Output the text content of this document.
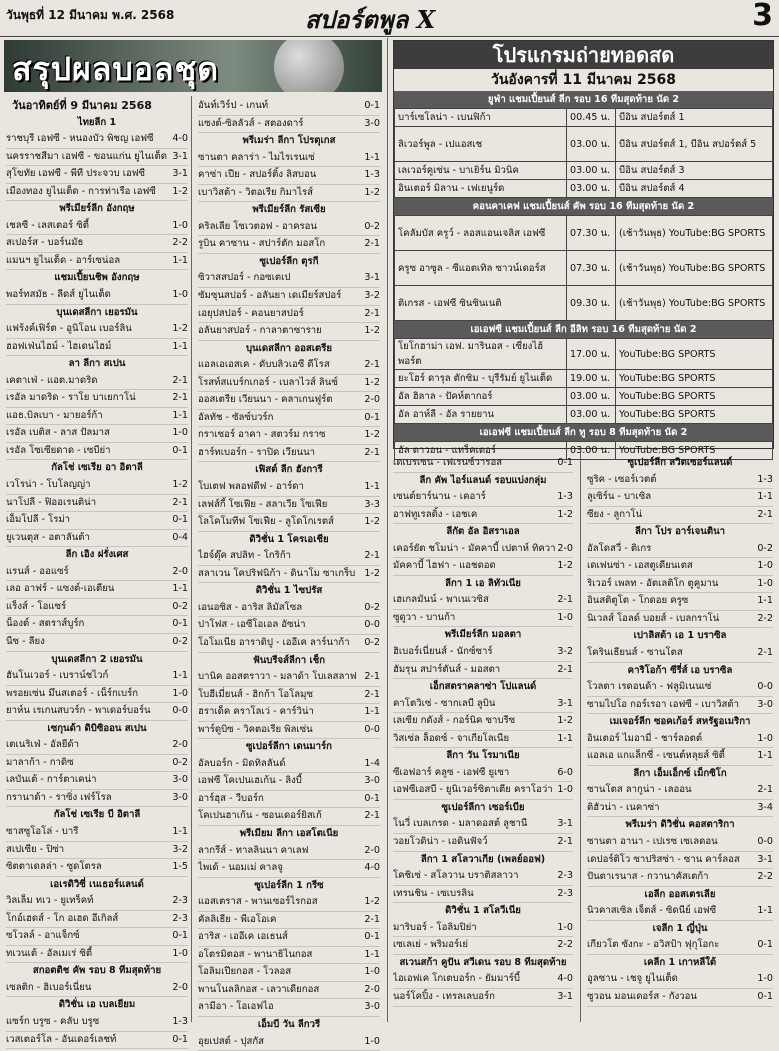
วันพุธที่ 12 มีนาคม พ.ศ. 2568	สปอร์ตพูล X	3
สรุปผลบอลชุด
วันอาทิตย์ที่ 9 มีนาคม 2568
ไทยลีก 1
ราชบุรี เอฟซี - หนองบัว พิชญ เอฟซี 4-0
นครราชสีมา เอฟซี - ขอนแก่น ยูไนเต็ด 3-1
สุโขทัย เอฟซี - พีที ประจวบ เอฟซี	3-1
เมืองทอง ยูไนเต็ด - การท่าเรือ เอฟซี 1-2
พรีเมียร์ลีก อังกฤษ
เชลซี - เลสเตอร์ ซิตี้	1-0
สเปอร์ส - บอร์นมัธ	2-2
แมนฯ ยูไนเต็ด - อาร์เซน่อล	1-1
แชมเปี้ยนชิพ อังกฤษ
พอร์ทสมัธ - ลีดส์ ยูไนเต็ด	1-0
บุนเดสลีกา เยอรมัน
แฟร้งค์เฟิร์ต - อูนิโอน เบอร์ลิน	1-2
ฮอฟเฟ่นไฮม์ - ไฮเดนไฮม์	1-1
ลา ลีกา สเปน
เคตาเฟ่ - แอต.มาดริด	2-1
เรอัล มาดริด - ราโย บาเยกาโน่	2-1
แอธ.บิลเบา - มายอร์ก้า	1-1
เรอัล เบติส - ลาส ปัลมาส	1-0
เรอัล โซเซียดาด - เซบีย่า	0-1
กัลโช่ เซเรีย อา อิตาลี
เวโรน่า - โบโลญญ่า	1-2
นาโปลี - ฟิออเรนติน่า	2-1
เอ็มโปลี - โรม่า	0-1
ยูเวนตุส - อตาลันต้า	0-4
ลีก เอิง ฝรั่งเศส
แรนส์ - ออแซร์	2-0
เลอ อาฟร์ - แซงต์-เอเตียน	1-1
แร็งส์ - โอแซร์	0-2
น็องต์ - สตราส์บูร์ก	0-1
นีซ - ลียง	0-2
บุนเดสลีกา 2 เยอรมัน
ฮันโนเวอร์ - เบราน์ชไวก์	1-1
พรอยเซ่น มึนสเตอร์ - เน็ร์กเบร์ก	1-0
ยาห์น เรเกนสบวร์ก - พาเดอร์บอร์น 0-0
เซกุนด้า ดิบิซิออน สเปน
เตเนริเฟ่ - อัลยีด้า	2-0
มาลาก้า - กาดิซ	0-2
เลบันเต้ - การ์ตาเคน่า	3-0
กรานาด้า - ราซิ่ง เฟร์โรล	3-0
กัลโช่ เซเรีย บี อิตาลี
ซาสซูโอโล่ - บารี	1-1
สเปเซีย - ปิซ่า	3-2
ซิตตาเดลล่า - ซูดโตรล	1-5
เอเรดิวิซี่ เนเธอร์แลนด์
วิลเล็ม ทเว - ยูเทร็คท์	2-3
โกอ์เฮดส์ - โก อเฮด อีเกิลส์	2-3
ซโวลล์ - อาแจ็กซ์	0-1
ทเวนเต้ - อัลเมเร่ ซิตี้	1-0
สกอตติช คัพ รอบ 8 ทีมสุดท้าย
เซลติก - ฮิเบอร์เนี่ยน	2-0
ดิวิชั่น เอ เบลเยียม
แซร์ก บรูซ - คลับ บรูซ	1-3
เวสเตอร์โล - อันเดอร์เลชท์	0-1
อันท์เวิร์ป - เกนท์	0-1
แซงต์-ซิลลัวส์ - สตองดาร์	3-0
พรีเมร่า ลีกา โปรตุเกส
ซานตา คลาร่า - ไมไรเรนเซ่	1-1
คาซ่า เปีย - สปอร์ติ้ง ลิสบอน	1-3
เบาวิสต้า - วิตอเรีย กิมาไรส์	1-2
พรีเมียร์ลีก รัสเซีย
คริลเลีย โซเวตอฟ - อาครอน	0-2
รูบิน คาซาน - สปาร์ตัก มอสโก	2-1
ซูเปอร์ลีก ตุรกี
ซิวาสสปอร์ - กอซเตเป	3-1
ซัมซุนสปอร์ - อลันยา เดเมียร์สปอร์ 3-2
เอยุปสปอร์ - คอนยาสปอร์	2-1
อลันยาสปอร์ - กาลาตาซาราย	1-2
บุนเดสลีกา ออสเตรีย
แอลเอเอสเค - ดับบลิวเอซี ดีโรส	2-1
โรสท์สแบร์กเกอร์ - เบลาไวส์ ลินซ์	1-2
ออสเตรีย เวียนนา - คลาเกนฟูร์ต	2-0
อัลทัช - ซัลซ์บวร์ก	0-1
กราเซอร์ อาคา - สตวร์ม กราซ	1-2
ฮาร์ทเบอร์ก - ราปิด เวียนนา	2-1
เฟิสต์ ลีก ฮังการี
โบเตฟ พลอฟดีฟ - อาร์ดา	1-1
เลฟส์กี้ โซเฟีย - สลาเวีย โซเฟีย	3-3
โลโคโมทีฟ โซเฟีย - ลูโดโกเรตส์	1-2
ดิวิชั่น 1 โครเอเชีย
ไฮจ์ดุ๊ค สปลิท - โกริก้า	2-1
สลาเวน โคปริฟนิก้า - ดินาโม ซาเกร็บ 1-2
ดิวิชั่น 1 ไซปรัส
เอนอซิส - อาริส ลิมัสโซล	0-2
ปาโฟส - เอซีโอเอล อัซน่า	0-0
โอโมเนีย อาราดิปู - เออีเค ลาร์นาก้า 0-2
ฟันบรีจส์ลีกา เช็ก
บานิค ออสตราวา - มลาด้า โบเลสลาฟ 2-1
โบฮีเมี่ยนส์ - ฮิกก้า โอโลมุซ	2-1
ฮราเด็ค คราโลเว่ - คาร์วิน่า	1-1
พาร์ดูบิซ - วิคตอเรีย พิลเซ่น	0-0
ซูเปอร์ลีกา เดนมาร์ก
อัลบอร์ก - มิดทิลลันด์	1-4
เอฟซี โคเปนเฮเก้น - ลิงบี้	3-0
อาร์ฮุส - วีบอร์ก	0-1
โคเปนฮาเก้น - ซอนเดอร์ยิสเก้	2-1
พรีเมียม ลีกา เอสโตเนีย
ลากรีส์ - ทาลลินนา คาเลฟ	2-0
ไพเด้ - นอมเม่ คาลจู	4-0
ซูเปอร์ลีก 1 กรีซ
แอสเตราส - พานเซอร์ไรกอส	1-2
คัลลิเธีย - พีเอโอเค	2-1
อาริส - เออีเค เอเธนส์	0-1
อโตรมิตอส - พานาธิไนกอส	1-1
โอลิมเปียกอส - โวลอส	1-0
พานโนลลิกอส - เลวาเดียกอส	2-0
ลามีอา - โอเอฟไอ	3-0
เอ็มบี วัน ลีกวรี
อุยเปสต์ - ปุสกัส	1-0
โปรแกรมถ่ายทอดสด
วันอังคารที่ 11 มีนาคม 2568
ยูฟ่า แชมเปี้ยนส์ ลีก รอบ 16 ทีมสุดท้าย นัด 2
บาร์เซโลน่า - เบนฟิก้า	00.45 น.	บีอิน สปอร์ตส์ 1
ลิเวอร์พูล - เปแอสเช	03.00 น.	บีอิน สปอร์ตส์ 1, บีอิน สปอร์ตส์ 5
เลเวอร์คูเซ่น - บาเยิร์น มิวนิค	03.00 น.	บีอิน สปอร์ตส์ 3
อินเตอร์ มิลาน - เฟเยนูร์ด	03.00 น.	บีอิน สปอร์ตส์ 4
คอนคาเคฟ แชมเปี้ยนส์ คัพ รอบ 16 ทีมสุดท้าย นัด 2
โคลัมบัส ครูว์ - ลอสแอนเจลิส เอฟซี	07.30 น.	(เช้าวันพุธ) YouTube:BG SPORTS
ครูซ อาซูล - ซีแอตเทิล ซาวน์เดอร์ส	07.30 น.	(เช้าวันพุธ) YouTube:BG SPORTS
ติเกรส - เอฟซี ซินซินเนติ	09.30 น.	(เช้าวันพุธ) YouTube:BG SPORTS
เอเอฟซี แชมเปี้ยนส์ ลีก อีลิท รอบ 16 ทีมสุดท้าย นัด 2
โยโกฮาม่า เอฟ. มารินอส - เซี่ยงไฮ้ พอร์ต	17.00 น.	YouTube:BG SPORTS
ยะโฮร์ ดารุล ตักซิม - บุรีรัมย์ ยูไนเต็ด	19.00 น.	YouTube:BG SPORTS
อัล ฮิลาล - ปัคห์ตากอร์	03.00 น.	YouTube:BG SPORTS
อัล อาห์ลี - อัล รายยาน	03.00 น.	YouTube:BG SPORTS
เอเอฟซี แชมเปี้ยนส์ ลีก ทู รอบ 8 ทีมสุดท้าย นัด 2
อัล ตาวอน - แทร็คเตอร์	03.00 น.	YouTube:BG SPORTS
เดเบรเซน - เฟเรนซ์วารอส	0-1
ลีก คัพ ไอร์แลนด์ รอบแบ่งกลุ่ม
เซนต์ยาร์นาน - เคอาร์	1-3
อาฟทูเรลดิ้ง - เอชเค	1-2
ลีกัต อัล อิสราเอล
เคอร์ยัต ชโมน่า - มัคคาบี้ เปตาห์ ทิควา 2-0
มัคคาบี้ ไฮฟา - แอชดอด	1-2
ลีกา 1 เอ ลิทัวเนีย
เฮเกลมันน์ - พาเนเวซิส	2-1
ซูดูวา - บานก้า	1-0
พรีเมียร์ลีก มอลตา
ฮิเบอร์เนี่ยนส์ - นักซ์ซาร์	3-2
ฮัมรุน สปาร์ตันส์ - มอสตา	2-1
เอ็กสตราคลาซ่า โปแลนด์
คาโตวิเซ่ - ซากเลบี ลูบิน	3-1
เลเซีย กดังส์ - กอร์นิค ซาบรีซ	1-2
วิสเซ่ล ล็อดซ์ - จาเกียโลเนีย	1-1
ลีกา วัน โรมาเนีย
ซีเอฟอาร์ คลูซ - เอฟซี ยูเซา	6-0
เอฟซีเอสบี - ยูนิเวอร์ซิตาเตีย คราโอว่า 1-0
ซูเปอร์ลีกา เซอร์เบีย
โนวี่ เบลเกรด - มลาดอสต์ ลูชานี	3-1
วอยโวดิน่า - เอดินฟัจว์	2-1
ลีกา 1 สโลวาเกีย (เพลย์ออฟ)
โคชิเซ่ - สโลวาน บราติสลาวา	2-3
เทรนชิน - เซเบรลิน	2-3
ดิวิชั่น 1 สโลวีเนีย
มาริบอร์ - โอลิมปิย่า	1-0
เซเลเย่ - พริมอร์เย่	2-2
สเวนสก้า คูปัน สวีเดน รอบ 8 ทีมสุดท้าย
ไอเอฟเค โกเตบอร์ก - ยัมมาร์บี้	4-0
นอร์โคปิ้ง - เทรลเลบอร์ก	3-1
ซูเปอร์ลีก สวิตเซอร์แลนด์
ซูริค - เซอร์เวตต์	1-3
ลูเซิร์น - บาเซิล	1-1
ซียง - ลูกาโน่	2-1
ลีกา โปร อาร์เจนตินา
อัลโดสวี่ - ติเกร	0-2
เดเฟนซ่า - เอสตูเดียนเตส	1-0
ริเวอร์ เพลท - อัตเลติโก ตูคูมาน	1-0
อินสติตูโต - โกดอย ครูซ	1-1
นิเวลส์ โอลด์ บอยส์ - เบลกราโน่	2-2
เปาลิสต้า เอ 1 บราซิล
โครินเธียนส์ - ซานโตส	2-1
คาริโอก้า ซีรี่ส์ เอ บราซิล
โวลตา เรดอนด้า - ฟลูมิเนนเซ่	0-0
ซามไปโอ กอร์เรอา เอฟซี - เบาวิสต้า 3-0
เมเจอร์ลีก ซอคเก้อร์ สหรัฐอเมริกา
อินเตอร์ ไมอามี่ - ชาร์ลอตต์	1-0
แอลเอ แกแล็กซี่ - เซนต์หลุยส์ ซิตี้	1-1
ลีกา เอ็มเอ็กซ์ เม็กซิโก
ซานโตส ลากูน่า - เลออน	2-1
ติฮัวน่า - เนคาซ่า	3-4
พรีเมร่า ดิวิชั่น คอสตาริกา
ซานตา อานา - เปเรซ เซเลดอน	0-0
เดปอร์ติโว ซาปริสซ่า - ซาน คาร์ลอส 3-1
ปันตาเรนาส - กวานาคัสเตก้า	2-2
เอลีก ออสเตรเลีย
นิวคาสเซิล เจ็ตส์ - ซิดนีย์ เอฟซี	1-1
เจลีก 1 ญี่ปุ่น
เกียวโต ซังกะ - อวิสป้า ฟุกุโอกะ	0-1
เคลีก 1 เกาหลีใต้
อูลซาน - เชจู ยูไนเต็ด	1-0
ซูวอน มอนเดอร์ส - กังวอน	0-1
